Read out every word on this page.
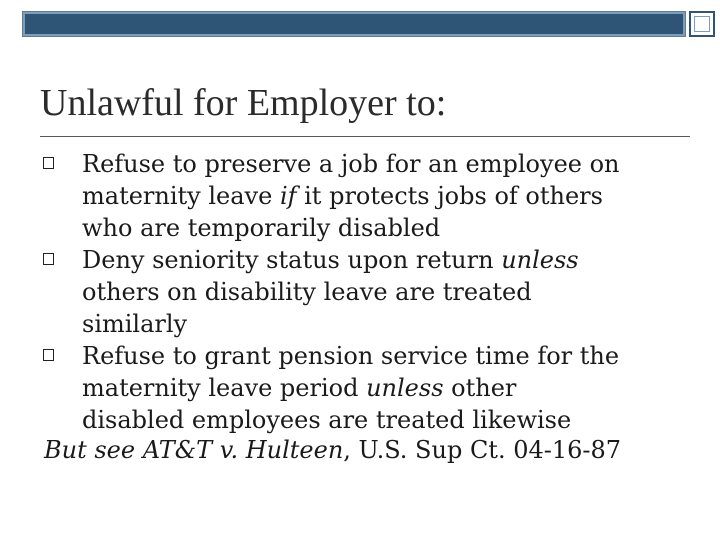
Unlawful for Employer to:
Refuse to preserve a job for an employee on
maternity leave if it protects jobs of others
who are temporarily disabled
Deny seniority status upon return unless
others on disability leave are treated
similarly
Refuse to grant pension service time for the
maternity leave period unless other
disabled employees are treated likewise
But see AT&T v. Hulteen, U.S. Sup Ct. 04-16-87
